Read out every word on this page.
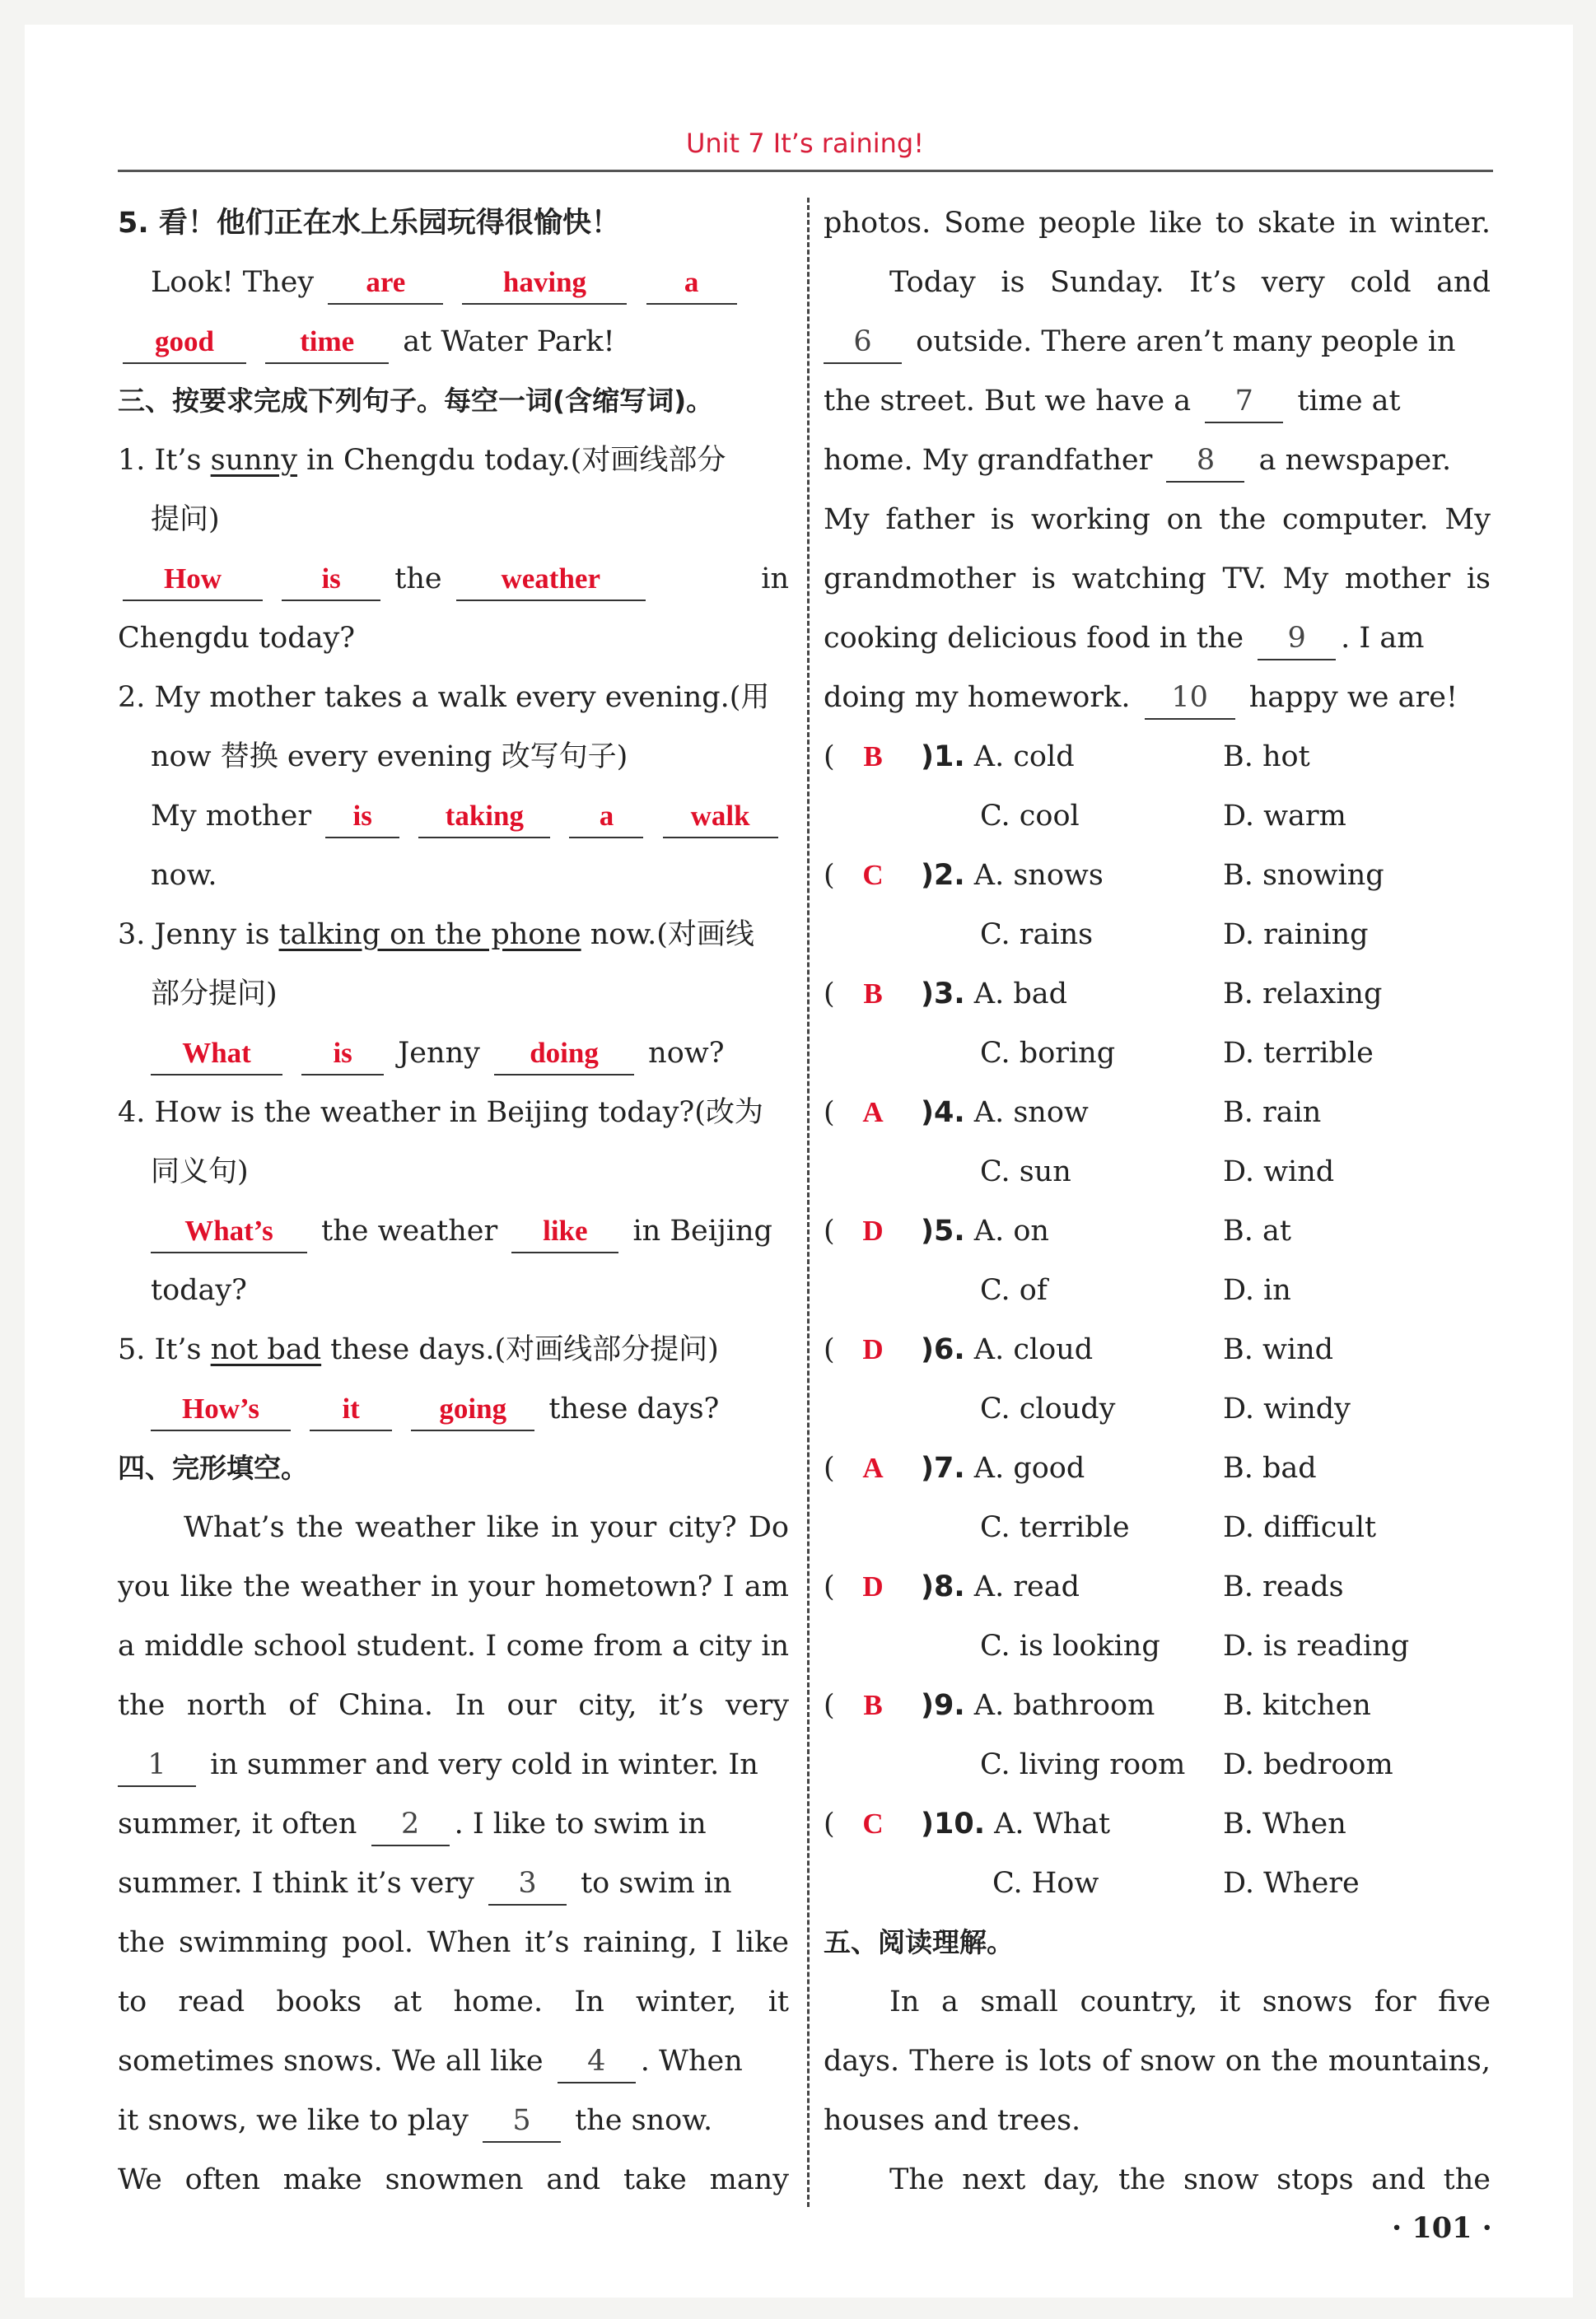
Unit 7 It’s raining!
5. 看！他们正在水上乐园玩得很愉快！
Look! They are	having	a
good	time at Water Park!
三、按要求完成下列句子。每空一词(含缩写词)。
1. It’s sunny in Chengdu today.(对画线部分
提问)
How	is the weather	in
Chengdu today?
2. My mother takes a walk every evening.(用
now 替换 every evening 改写句子)
My mother is	taking	a	walk
now.
3. Jenny is talking on the phone now.(对画线
部分提问)
What	is Jenny doing now?
4. How is the weather in Beijing today?(改为
同义句)
What’s the weather like in Beijing
today?
5. It’s not bad these days.(对画线部分提问)
How’s	it	going these days?
四、完形填空。
What’s the weather like in your city? Do
you like the weather in your hometown? I am
a middle school student. I come from a city in
the north of China. In our city, it’s very
1 in summer and very cold in winter. In
summer, it often 2 . I like to swim in
summer. I think it’s very 3 to swim in
the swimming pool. When it’s raining, I like
to read books at home. In winter, it
sometimes snows. We all like 4 . When
it snows, we like to play 5 the snow.
We often make snowmen and take many
photos. Some people like to skate in winter.
Today is Sunday. It’s very cold and
6 outside. There aren’t many people in
the street. But we have a 7 time at
home. My grandfather 8 a newspaper.
My father is working on the computer. My
grandmother is watching TV. My mother is
cooking delicious food in the 9 . I am
doing my homework. 10 happy we are!
( B )1. A. cold	B. hot
C. cool	D. warm
( C )2. A. snows	B. snowing
C. rains	D. raining
( B )3. A. bad	B. relaxing
C. boring	D. terrible
( A )4. A. snow	B. rain
C. sun	D. wind
( D )5. A. on	B. at
C. of	D. in
( D )6. A. cloud	B. wind
C. cloudy	D. windy
( A )7. A. good	B. bad
C. terrible	D. difficult
( D )8. A. read	B. reads
C. is looking D. is reading
( B )9. A. bathroom B. kitchen
C. living room D. bedroom
( C )10. A. What	B. When
C. How	D. Where
五、阅读理解。
In a small country, it snows for five
days. There is lots of snow on the mountains,
houses and trees.
The next day, the snow stops and the
· 101 ·
